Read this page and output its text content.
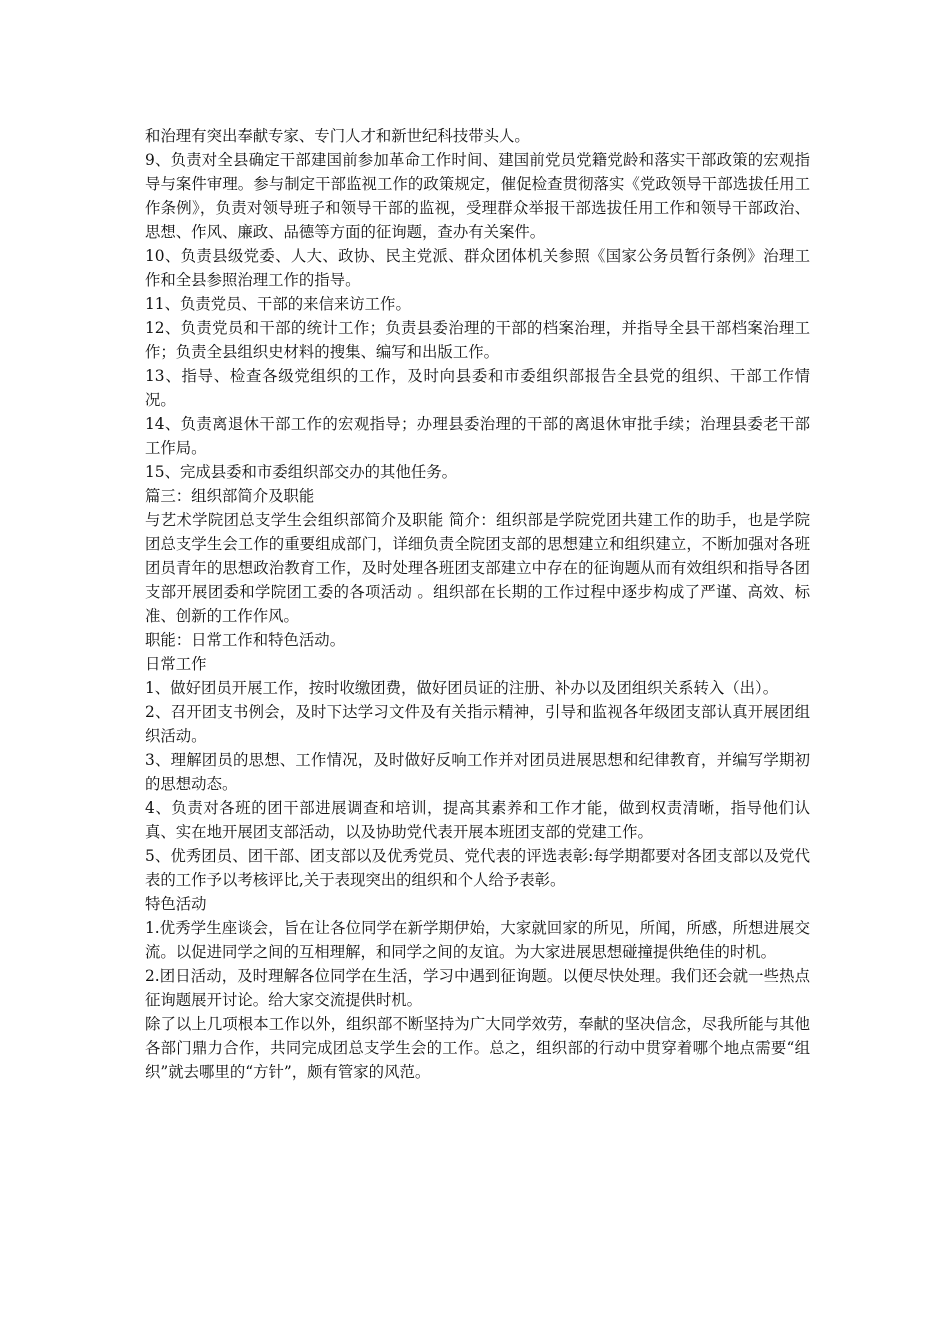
和治理有突出奉献专家、专门人才和新世纪科技带头人。

9、负责对全县确定干部建国前参加革命工作时间、建国前党员党籍党龄和落实干部政策的宏观指导与案件审理。参与制定干部监视工作的政策规定，催促检查贯彻落实《党政领导干部选拔任用工作条例》，负责对领导班子和领导干部的监视，受理群众举报干部选拔任用工作和领导干部政治、思想、作风、廉政、品德等方面的征询题，查办有关案件。

10、负责县级党委、人大、政协、民主党派、群众团体机关参照《国家公务员暂行条例》治理工作和全县参照治理工作的指导。

11、负责党员、干部的来信来访工作。

12、负责党员和干部的统计工作；负责县委治理的干部的档案治理，并指导全县干部档案治理工作；负责全县组织史材料的搜集、编写和出版工作。

13、指导、检查各级党组织的工作，及时向县委和市委组织部报告全县党的组织、干部工作情况。

14、负责离退休干部工作的宏观指导；办理县委治理的干部的离退休审批手续；治理县委老干部工作局。

15、完成县委和市委组织部交办的其他任务。

篇三：组织部简介及职能

与艺术学院团总支学生会组织部简介及职能 简介：组织部是学院党团共建工作的助手，也是学院团总支学生会工作的重要组成部门，详细负责全院团支部的思想建立和组织建立，不断加强对各班团员青年的思想政治教育工作，及时处理各班团支部建立中存在的征询题从而有效组织和指导各团支部开展团委和学院团工委的各项活动 。组织部在长期的工作过程中逐步构成了严谨、高效、标准、创新的工作作风。

职能：日常工作和特色活动。

日常工作

1、做好团员开展工作，按时收缴团费，做好团员证的注册、补办以及团组织关系转入（出）。

2、召开团支书例会，及时下达学习文件及有关指示精神，引导和监视各年级团支部认真开展团组织活动。

3、理解团员的思想、工作情况，及时做好反响工作并对团员进展思想和纪律教育，并编写学期初的思想动态。

4、负责对各班的团干部进展调查和培训，提高其素养和工作才能，做到权责清晰，指导他们认真、实在地开展团支部活动，以及协助党代表开展本班团支部的党建工作。

5、优秀团员、团干部、团支部以及优秀党员、党代表的评选表彰:每学期都要对各团支部以及党代表的工作予以考核评比,关于表现突出的组织和个人给予表彰。

特色活动

1.优秀学生座谈会，旨在让各位同学在新学期伊始，大家就回家的所见，所闻，所感，所想进展交流。以促进同学之间的互相理解，和同学之间的友谊。为大家进展思想碰撞提供绝佳的时机。

2.团日活动，及时理解各位同学在生活，学习中遇到征询题。以便尽快处理。我们还会就一些热点征询题展开讨论。给大家交流提供时机。

除了以上几项根本工作以外，组织部不断坚持为广大同学效劳，奉献的坚决信念，尽我所能与其他各部门鼎力合作，共同完成团总支学生会的工作。总之，组织部的行动中贯穿着哪个地点需要“组织”就去哪里的“方针”，颇有管家的风范。
